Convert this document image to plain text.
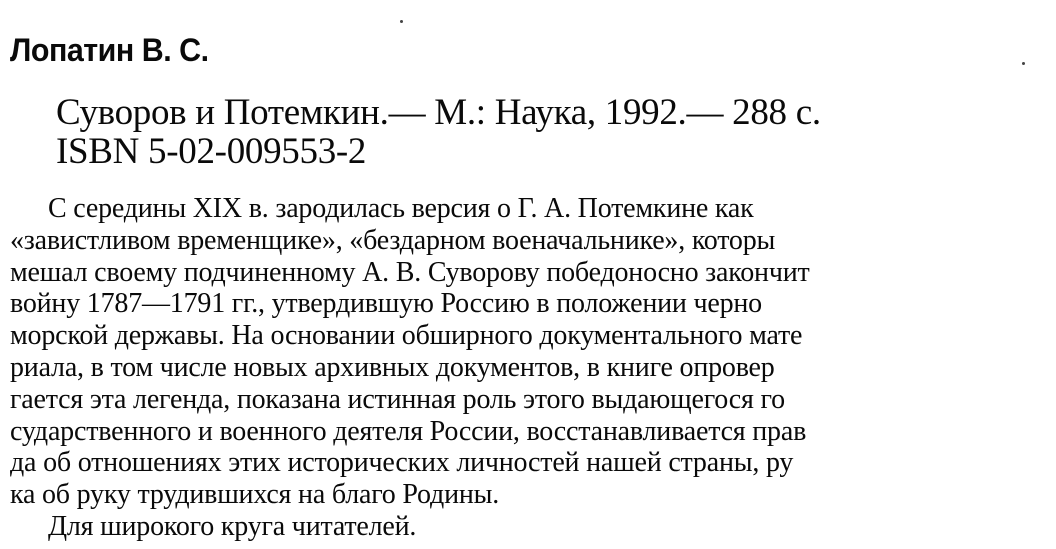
Лопатин В. С.
Суворов и Потемкин.— М.: Наука, 1992.— 288 с.
ISBN 5-02-009553-2
С середины XIX в. зародилась версия о Г. А. Потемкине как
«завистливом временщике», «бездарном военачальнике», которы
мешал своему подчиненному А. В. Суворову победоносно закончит
войну 1787—1791 гг., утвердившую Россию в положении черно
морской державы. На основании обширного документального мате
риала, в том числе новых архивных документов, в книге опровер
гается эта легенда, показана истинная роль этого выдающегося го
сударственного и военного деятеля России, восстанавливается прав
да об отношениях этих исторических личностей нашей страны, ру
ка об руку трудившихся на благо Родины.
Для широкого круга читателей.
